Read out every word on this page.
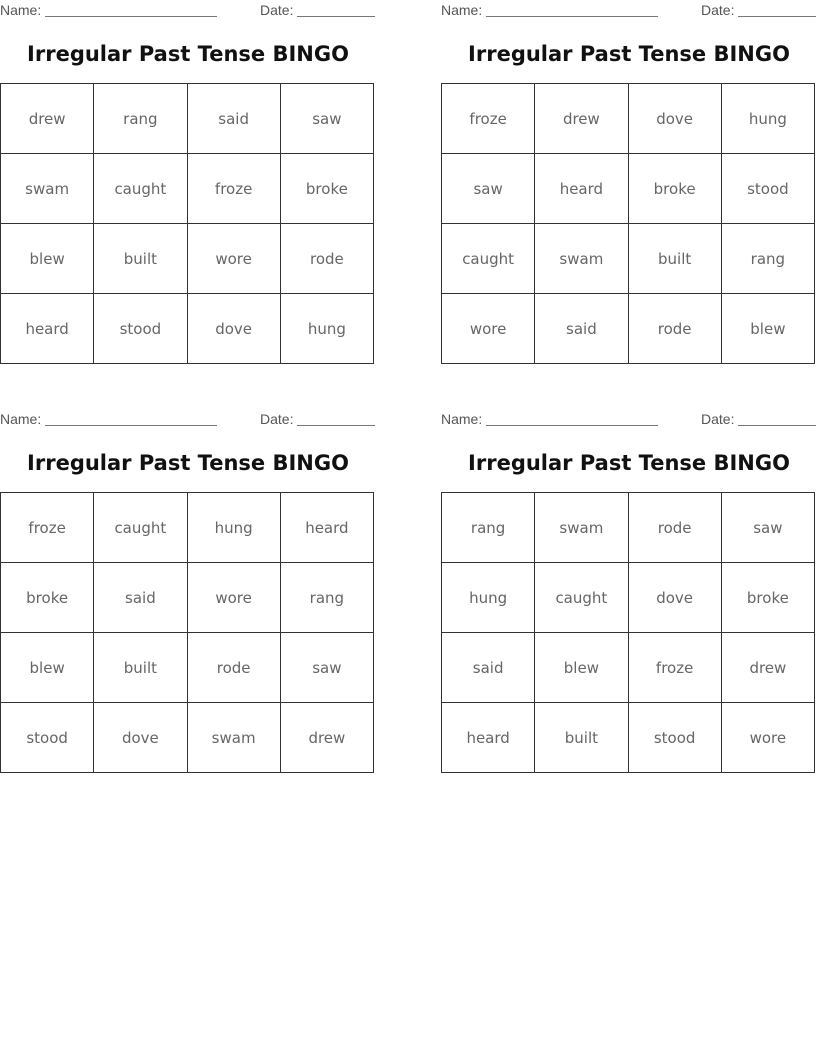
Name:	Date:
Irregular Past Tense BINGO
drew	rang	said	saw
swam	caught	froze	broke
blew	built	wore	rode
heard	stood	dove	hung
Name:	Date:
Irregular Past Tense BINGO
froze	drew	dove	hung
saw	heard	broke	stood
caught	swam	built	rang
wore	said	rode	blew
Name:	Date:
Irregular Past Tense BINGO
froze	caught	hung	heard
broke	said	wore	rang
blew	built	rode	saw
stood	dove	swam	drew
Name:	Date:
Irregular Past Tense BINGO
rang	swam	rode	saw
hung	caught	dove	broke
said	blew	froze	drew
heard	built	stood	wore
